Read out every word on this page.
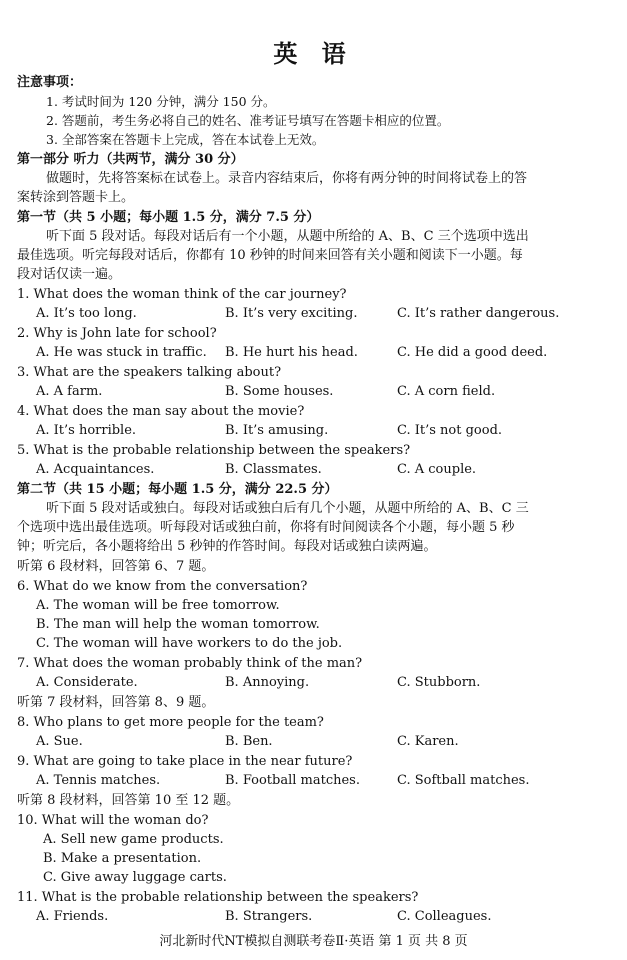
英 语
注意事项：
1. 考试时间为 120 分钟，满分 150 分。
2. 答题前，考生务必将自己的姓名、准考证号填写在答题卡相应的位置。
3. 全部答案在答题卡上完成，答在本试卷上无效。
第一部分 听力（共两节，满分 30 分）
做题时，先将答案标在试卷上。录音内容结束后，你将有两分钟的时间将试卷上的答
案转涂到答题卡上。
第一节（共 5 小题；每小题 1.5 分，满分 7.5 分）
听下面 5 段对话。每段对话后有一个小题，从题中所给的 A、B、C 三个选项中选出
最佳选项。听完每段对话后，你都有 10 秒钟的时间来回答有关小题和阅读下一小题。每
段对话仅读一遍。
1. What does the woman think of the car journey?
A. It’s too long.	B. It’s very exciting.	C. It’s rather dangerous.
2. Why is John late for school?
A. He was stuck in traffic. B. He hurt his head.	C. He did a good deed.
3. What are the speakers talking about?
A. A farm.	B. Some houses.	C. A corn field.
4. What does the man say about the movie?
A. It’s horrible.	B. It’s amusing.	C. It’s not good.
5. What is the probable relationship between the speakers?
A. Acquaintances.	B. Classmates.	C. A couple.
第二节（共 15 小题；每小题 1.5 分，满分 22.5 分）
听下面 5 段对话或独白。每段对话或独白后有几个小题，从题中所给的 A、B、C 三
个选项中选出最佳选项。听每段对话或独白前，你将有时间阅读各个小题，每小题 5 秒
钟；听完后，各小题将给出 5 秒钟的作答时间。每段对话或独白读两遍。
听第 6 段材料，回答第 6、7 题。
6. What do we know from the conversation?
A. The woman will be free tomorrow.
B. The man will help the woman tomorrow.
C. The woman will have workers to do the job.
7. What does the woman probably think of the man?
A. Considerate.	B. Annoying.	C. Stubborn.
听第 7 段材料，回答第 8、9 题。
8. Who plans to get more people for the team?
A. Sue.	B. Ben.	C. Karen.
9. What are going to take place in the near future?
A. Tennis matches.	B. Football matches.	C. Softball matches.
听第 8 段材料，回答第 10 至 12 题。
10. What will the woman do?
A. Sell new game products.
B. Make a presentation.
C. Give away luggage carts.
11. What is the probable relationship between the speakers?
A. Friends.	B. Strangers.	C. Colleagues.
河北新时代NT模拟自测联考卷Ⅱ·英语 第 1 页 共 8 页
